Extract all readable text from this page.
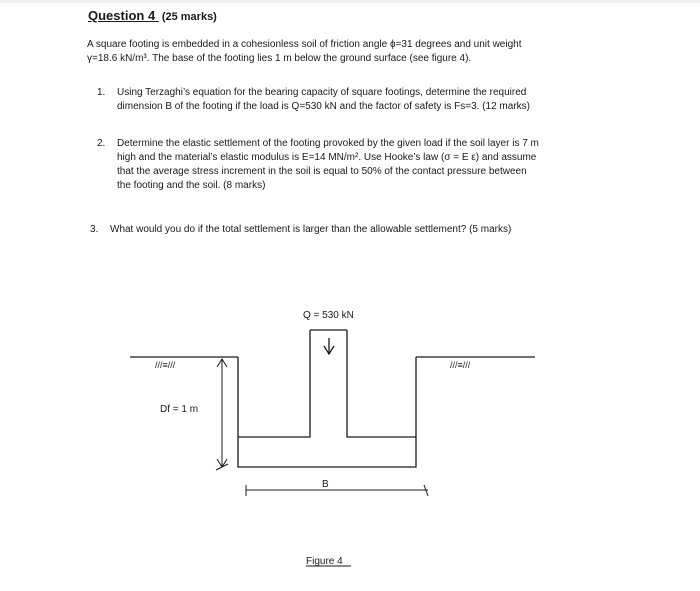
Question 4 (25 marks)
A square footing is embedded in a cohesionless soil of friction angle ϕ=31 degrees and unit weight
γ=18.6 kN/m³. The base of the footing lies 1 m below the ground surface (see figure 4).
1. Using Terzaghi’s equation for the bearing capacity of square footings, determine the required
dimension B of the footing if the load is Q=530 kN and the factor of safety is Fs=3. (12 marks)
2. Determine the elastic settlement of the footing provoked by the given load if the soil layer is 7 m
high and the material’s elastic modulus is E=14 MN/m². Use Hooke’s law (σ = E ε) and assume
that the average stress increment in the soil is equal to 50% of the contact pressure between
the footing and the soil. (8 marks)
3. What would you do if the total settlement is larger than the allowable settlement? (5 marks)
Q = 530 kN
///≡///	///≡///
Df = 1 m
B
Figure 4
